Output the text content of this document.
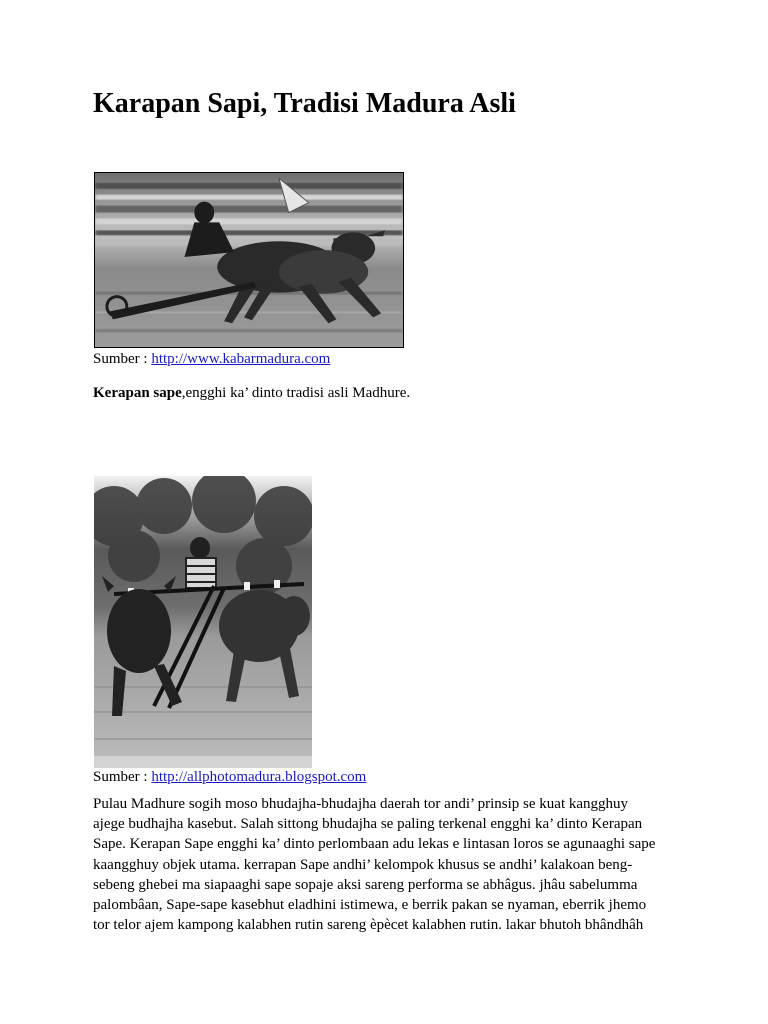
Karapan Sapi, Tradisi Madura Asli
Sumber : http://www.kabarmadura.com
Kerapan sape,engghi ka’ dinto tradisi asli Madhure.
Sumber : http://allphotomadura.blogspot.com
Pulau Madhure sogih moso bhudajha-bhudajha daerah tor andi’ prinsip se kuat kangghuy
ajege budhajha kasebut. Salah sittong bhudajha se paling terkenal engghi ka’ dinto Kerapan
Sape. Kerapan Sape engghi ka’ dinto perlombaan adu lekas e lintasan loros se agunaaghi sape
kaangghuy objek utama. kerrapan Sape andhi’ kelompok khusus se andhi’ kalakoan beng-
sebeng ghebei ma siapaaghi sape sopaje aksi sareng performa se abhâgus. jhâu sabelumma
palombâan, Sape-sape kasebhut eladhini istimewa, e berrik pakan se nyaman, eberrik jhemo
tor telor ajem kampong kalabhen rutin sareng èpècet kalabhen rutin. lakar bhutoh bhândhâh
